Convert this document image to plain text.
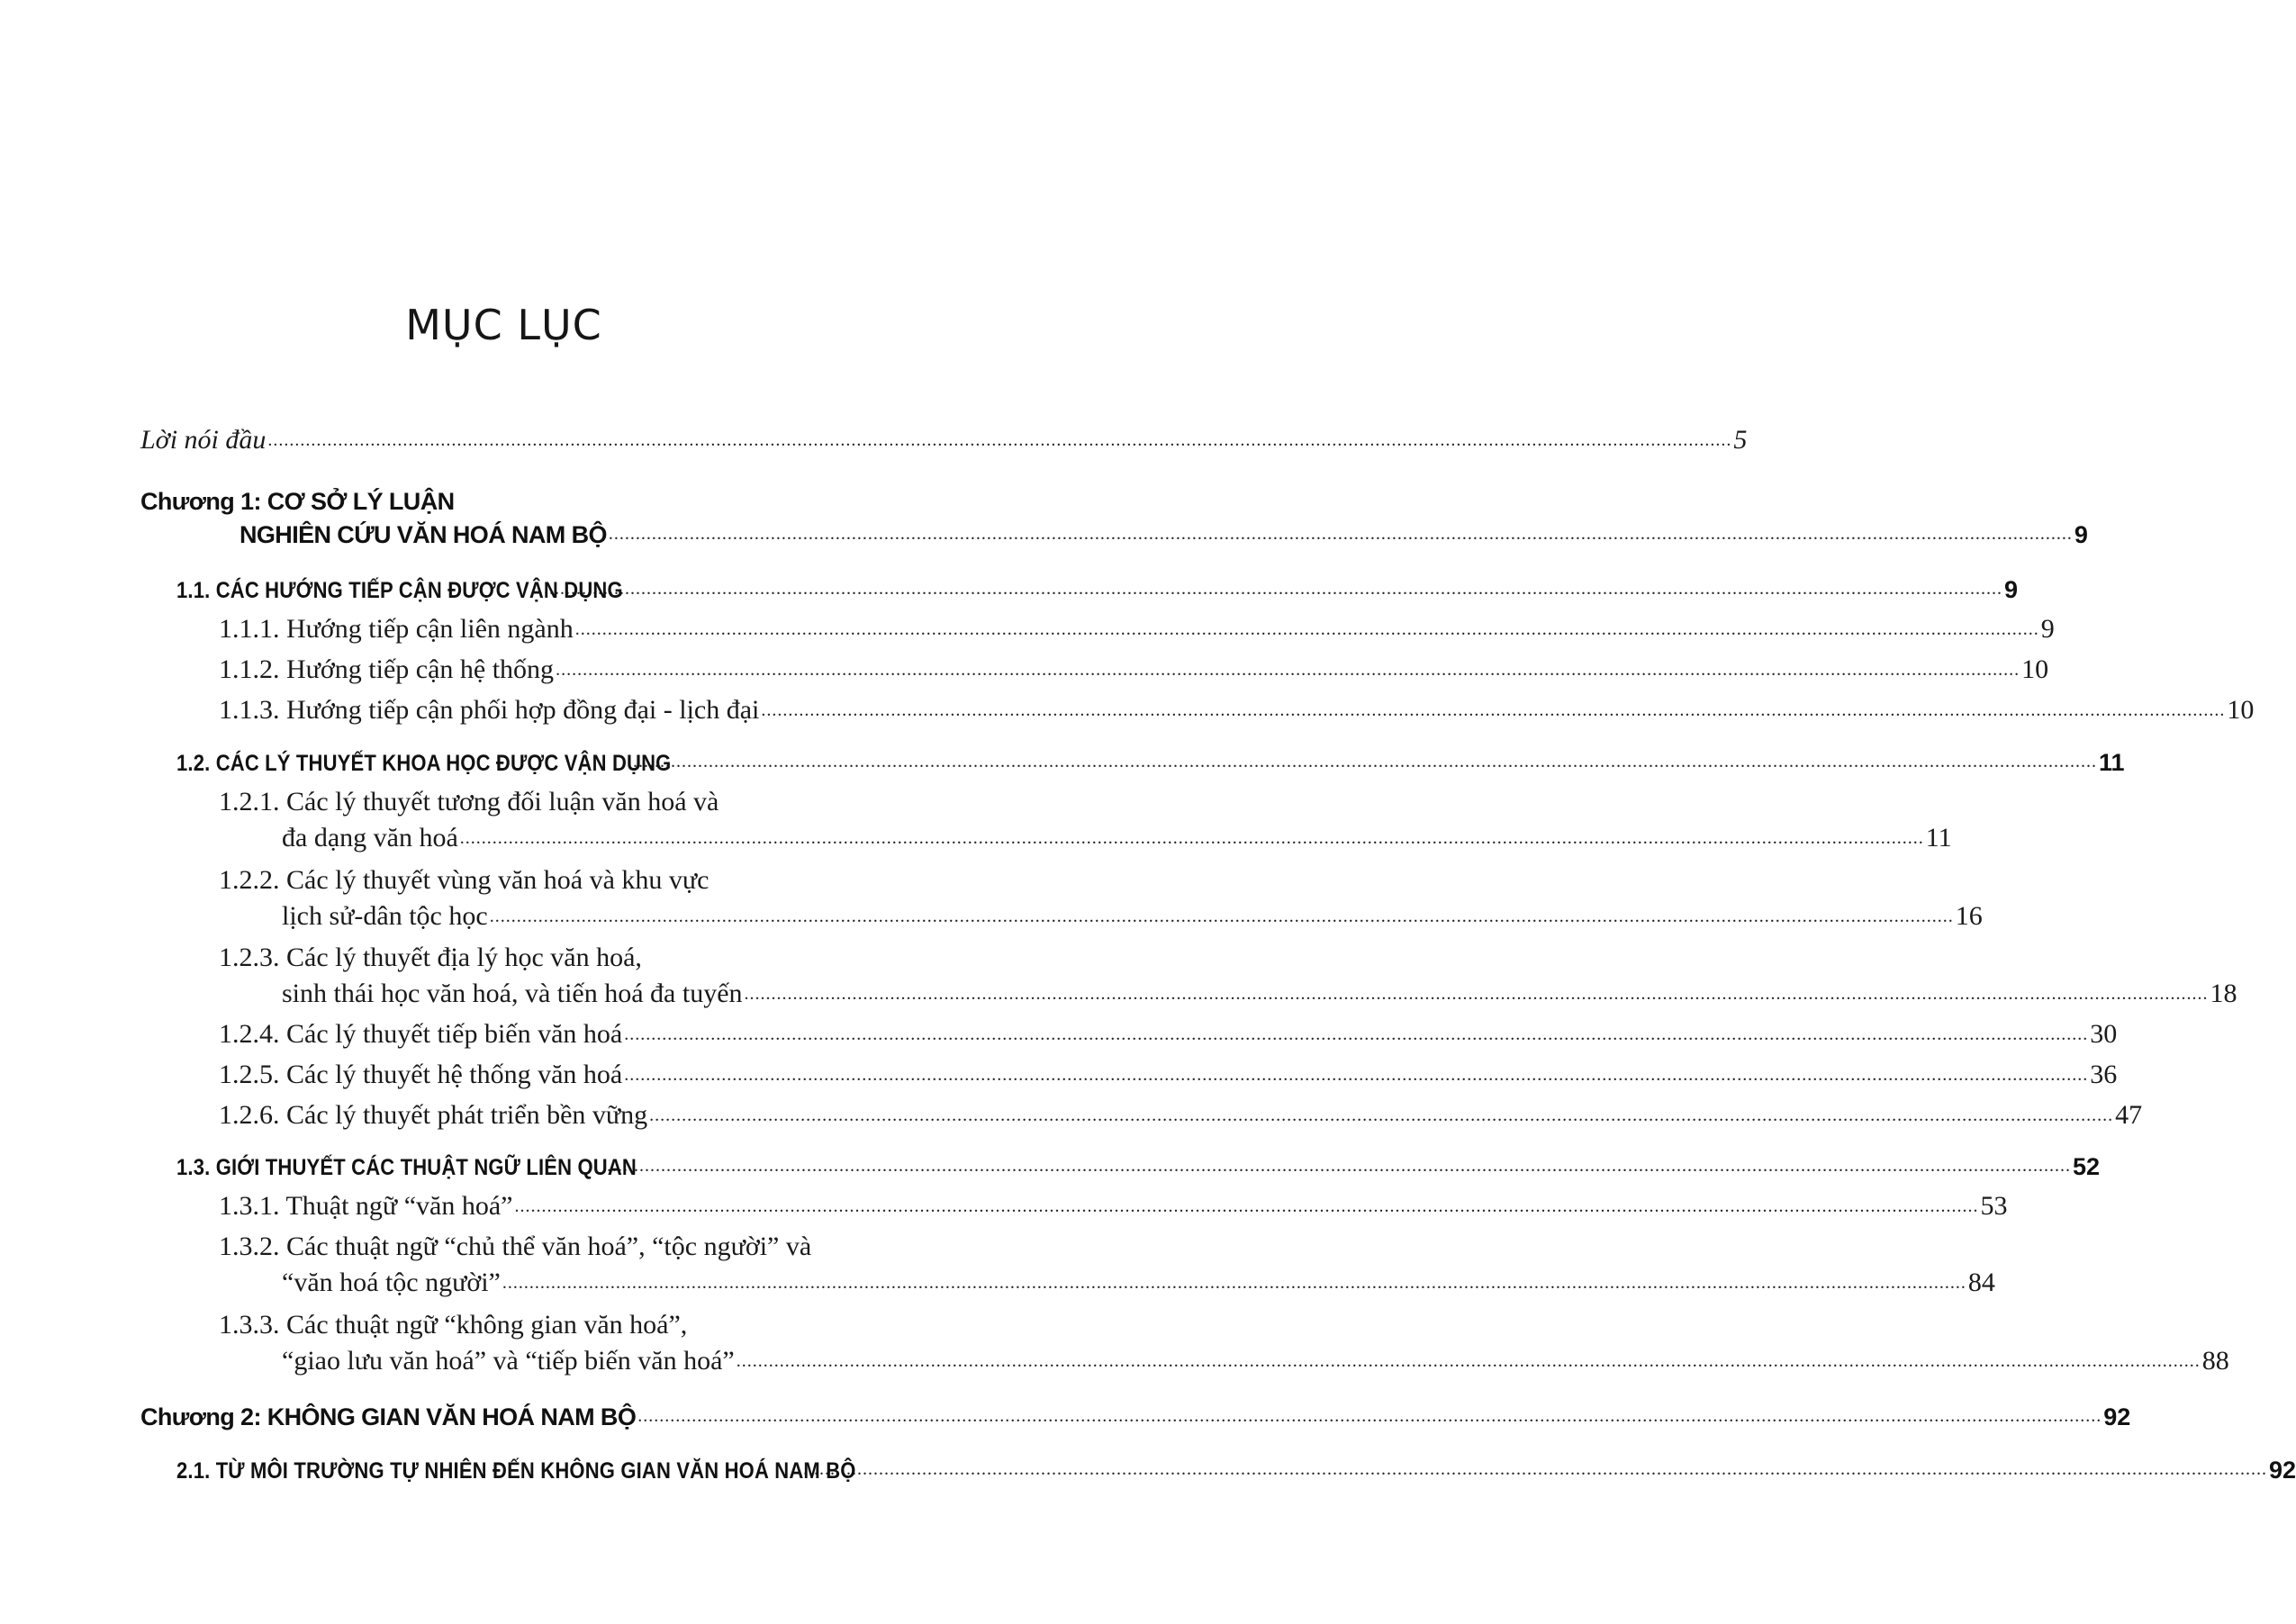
MỤC LỤC
Lời nói đầu ............................................................................................................................................................................................................................................................................... 5
Chương 1: CƠ SỞ LÝ LUẬN
NGHIÊN CỨU VĂN HOÁ NAM BỘ ............................................................................................................................................................................................................................................................................... 9
1.1. CÁC HƯỚNG TIẾP CẬN ĐƯỢC VẬN DỤNG
............................................................................................................................................................................................................................................................................... 9
1.1.1. Hướng tiếp cận liên ngành ............................................................................................................................................................................................................................................................................... 9
1.1.2. Hướng tiếp cận hệ thống ............................................................................................................................................................................................................................................................................... 10
1.1.3. Hướng tiếp cận phối hợp đồng đại - lịch đại ............................................................................................................................................................................................................................................................................... 10
1.2. CÁC LÝ THUYẾT KHOA HỌC ĐƯỢC VẬN DỤNG
............................................................................................................................................................................................................................................................................... 11
1.2.1. Các lý thuyết tương đối luận văn hoá và
đa dạng văn hoá ............................................................................................................................................................................................................................................................................... 11
1.2.2. Các lý thuyết vùng văn hoá và khu vực
lịch sử-dân tộc học ............................................................................................................................................................................................................................................................................... 16
1.2.3. Các lý thuyết địa lý học văn hoá,
sinh thái học văn hoá, và tiến hoá đa tuyến ............................................................................................................................................................................................................................................................................... 18
1.2.4. Các lý thuyết tiếp biến văn hoá ............................................................................................................................................................................................................................................................................... 30
1.2.5. Các lý thuyết hệ thống văn hoá ............................................................................................................................................................................................................................................................................... 36
1.2.6. Các lý thuyết phát triển bền vững ............................................................................................................................................................................................................................................................................... 47
1.3. GIỚI THUYẾT CÁC THUẬT NGỮ LIÊN QUAN
............................................................................................................................................................................................................................................................................... 52
1.3.1. Thuật ngữ “văn hoá” ............................................................................................................................................................................................................................................................................... 53
1.3.2. Các thuật ngữ “chủ thể văn hoá”, “tộc người” và
“văn hoá tộc người” ............................................................................................................................................................................................................................................................................... 84
1.3.3. Các thuật ngữ “không gian văn hoá”,
“giao lưu văn hoá” và “tiếp biến văn hoá” ............................................................................................................................................................................................................................................................................... 88
Chương 2: KHÔNG GIAN VĂN HOÁ NAM BỘ ............................................................................................................................................................................................................................................................................... 92
2.1. TỪ MÔI TRƯỜNG TỰ NHIÊN ĐẾN KHÔNG GIAN VĂN HOÁ NAM BỘ
............................................................................................................................................................................................................................................................................... 92
